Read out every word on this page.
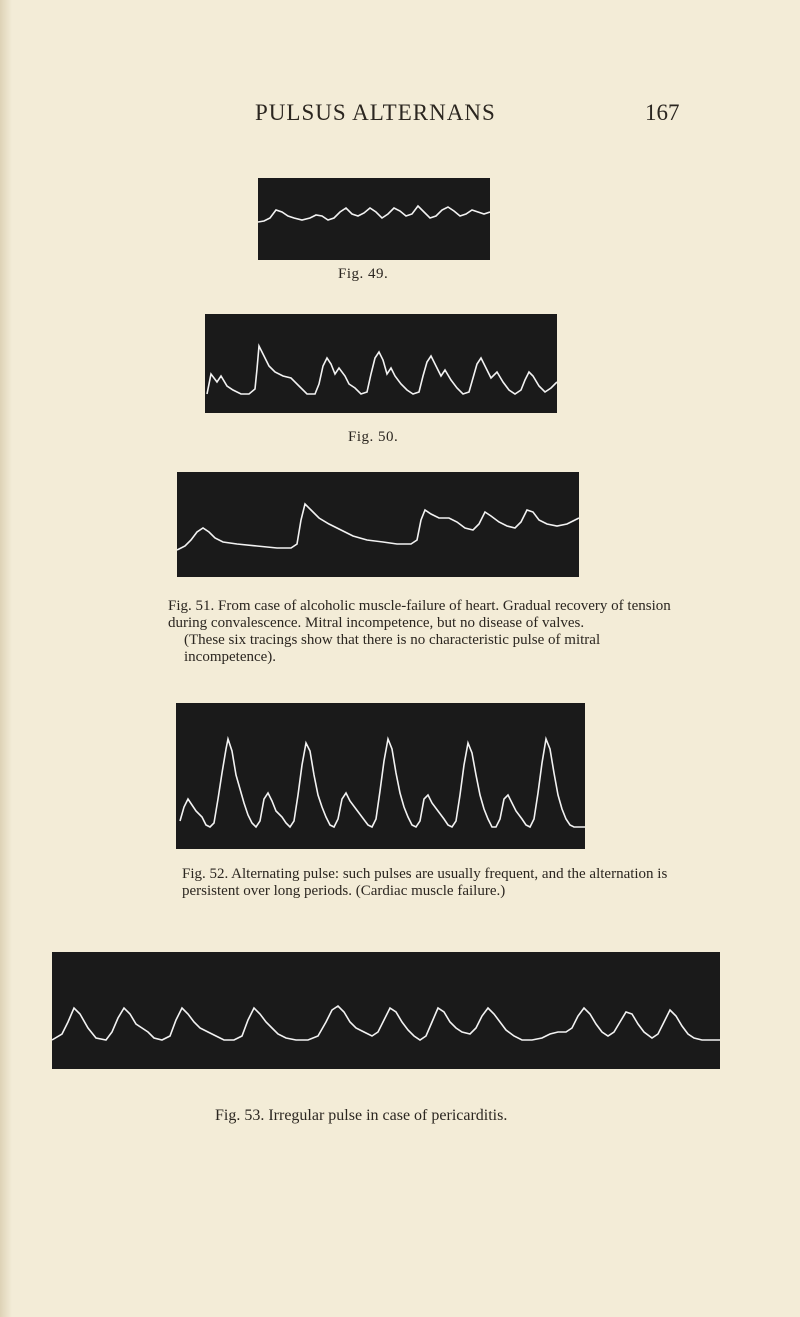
PULSUS ALTERNANS	167
Fig. 49.
Fig. 50.

Fig. 51. From case of alcoholic muscle-failure of heart. Gradual recovery of tension during convalescence. Mitral incompetence, but no disease of valves.

(These six tracings show that there is no characteristic pulse of mitral incompetence).

Fig. 52. Alternating pulse: such pulses are usually frequent, and the alternation is persistent over long periods. (Cardiac muscle failure.)

Fig. 53. Irregular pulse in case of pericarditis.
